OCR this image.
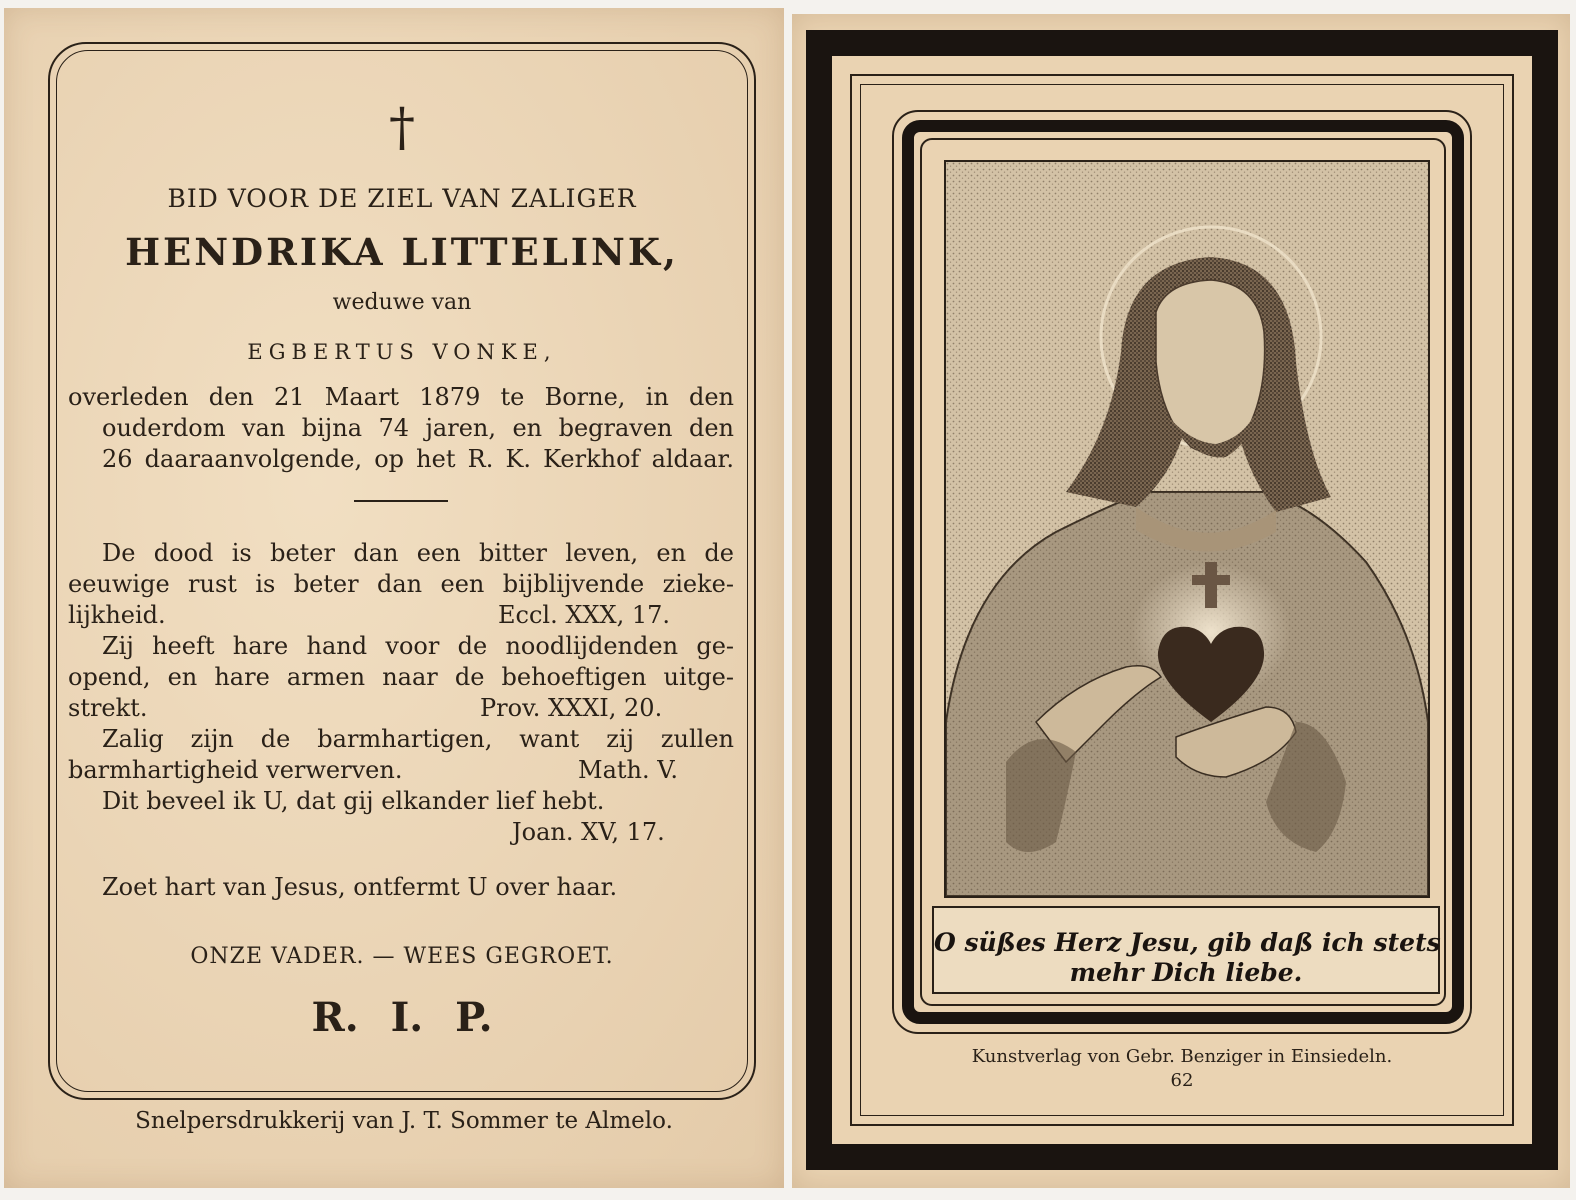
†
BID VOOR DE ZIEL VAN ZALIGER
HENDRIKA LITTELINK,
weduwe van
EGBERTUS VONKE,
overleden den 21 Maart 1879 te Borne, in den
ouderdom van bijna 74 jaren, en begraven den
26 daaraanvolgende, op het R. K. Kerkhof aldaar.
De dood is beter dan een bitter leven, en de
eeuwige rust is beter dan een bijblijvende zieke-
lijkheid.	Eccl. XXX, 17.
Zij heeft hare hand voor de noodlijdenden ge-
opend, en hare armen naar de behoeftigen uitge-
strekt.	Prov. XXXI, 20.
Zalig zijn de barmhartigen, want zij zullen
barmhartigheid verwerven.	Math. V.
Dit beveel ik U, dat gij elkander lief hebt.
Joan. XV, 17.
Zoet hart van Jesus, ontfermt U over haar.
ONZE VADER. — WEES GEGROET.
R. I. P.
Snelpersdrukkerij van J. T. Sommer te Almelo.
O süßes Herz Jesu, gib daß ich stets
mehr Dich liebe.
Kunstverlag von Gebr. Benziger in Einsiedeln.
62
